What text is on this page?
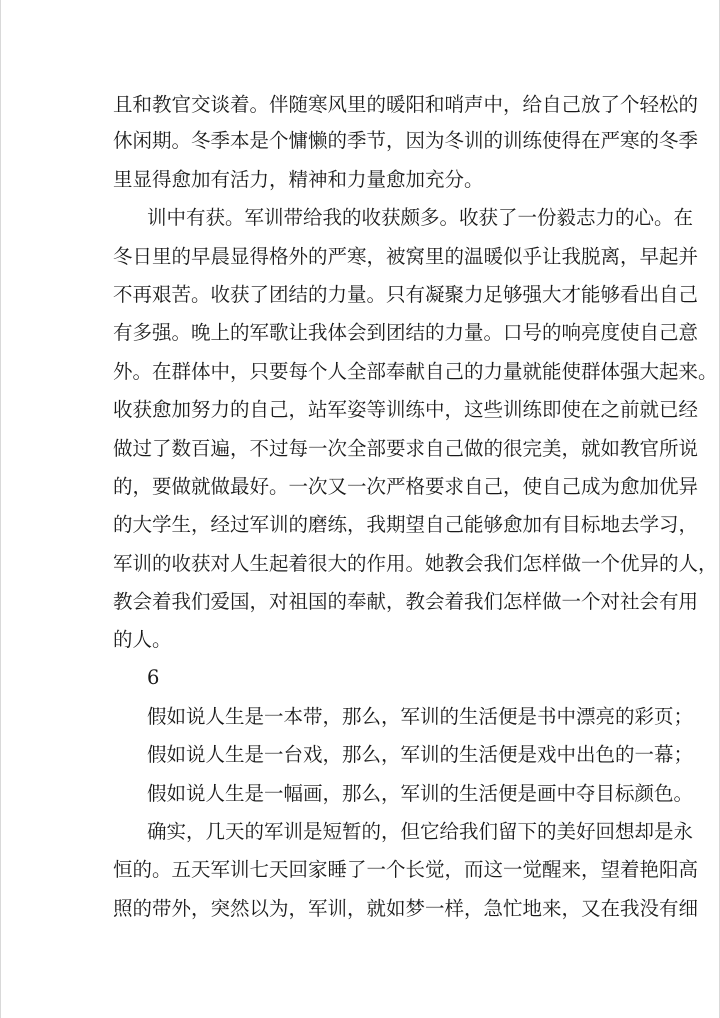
且和教官交谈着。伴随寒风里的暖阳和哨声中，给自己放了个轻松的
休闲期。冬季本是个慵懒的季节，因为冬训的训练使得在严寒的冬季
里显得愈加有活力，精神和力量愈加充分。
训中有获。军训带给我的收获颇多。收获了一份毅志力的心。在
冬日里的早晨显得格外的严寒，被窝里的温暖似乎让我脱离，早起并
不再艰苦。收获了团结的力量。只有凝聚力足够强大才能够看出自己
有多强。晚上的军歌让我体会到团结的力量。口号的响亮度使自己意
外。在群体中，只要每个人全部奉献自己的力量就能使群体强大起来。
收获愈加努力的自己，站军姿等训练中，这些训练即使在之前就已经
做过了数百遍，不过每一次全部要求自己做的很完美，就如教官所说
的，要做就做最好。一次又一次严格要求自己，使自己成为愈加优异
的大学生，经过军训的磨练，我期望自己能够愈加有目标地去学习，
军训的收获对人生起着很大的作用。她教会我们怎样做一个优异的人，
教会着我们爱国，对祖国的奉献，教会着我们怎样做一个对社会有用
的人。
6
假如说人生是一本带，那么，军训的生活便是书中漂亮的彩页；
假如说人生是一台戏，那么，军训的生活便是戏中出色的一幕；
假如说人生是一幅画，那么，军训的生活便是画中夺目标颜色。
确实，几天的军训是短暂的，但它给我们留下的美好回想却是永
恒的。五天军训七天回家睡了一个长觉，而这一觉醒来，望着艳阳高
照的带外，突然以为，军训，就如梦一样，急忙地来，又在我没有细
